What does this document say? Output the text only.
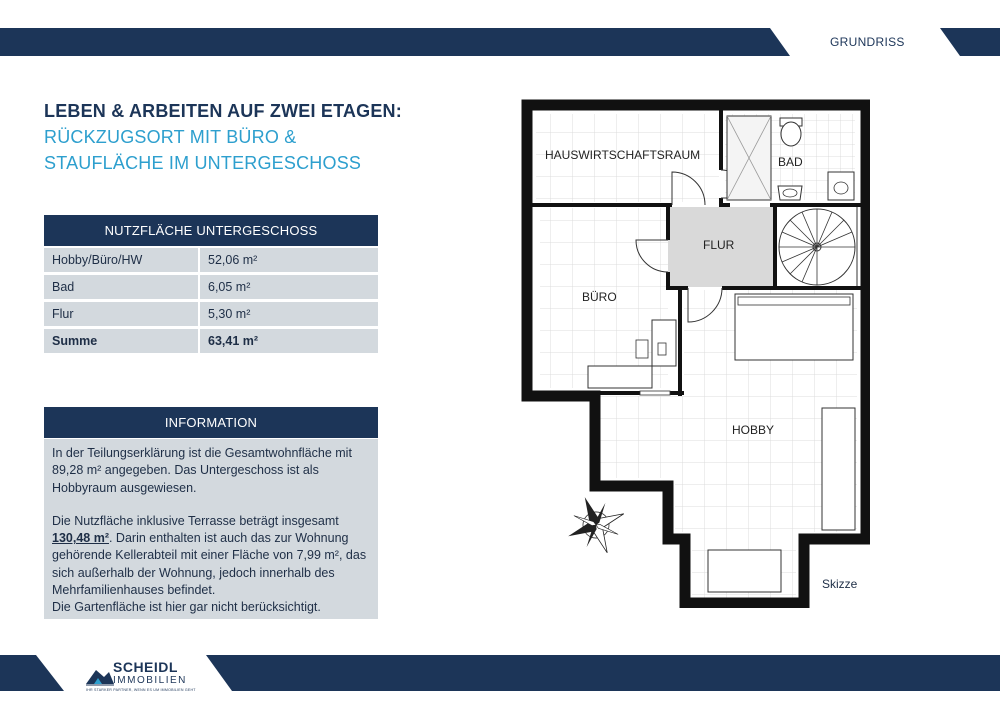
GRUNDRISS
LEBEN & ARBEITEN AUF ZWEI ETAGEN:
RÜCKZUGSORT MIT BÜRO &
STAUFLÄCHE IM UNTERGESCHOSS
NUTZFLÄCHE UNTERGESCHOSS
Hobby/Büro/HW	52,06 m²
Bad	6,05 m²
Flur	5,30 m²
Summe	63,41 m²
INFORMATION

In der Teilungserklärung ist die Gesamtwohnfläche mit 89,28 m² angegeben. Das Untergeschoss ist als Hobbyraum ausgewiesen.

Die Nutzfläche inklusive Terrasse beträgt insgesamt 130,48 m². Darin enthalten ist auch das zur Wohnung gehörende Kellerabteil mit einer Fläche von 7,99 m², das sich außerhalb der Wohnung, jedoch innerhalb des Mehrfamilienhauses befindet.

Die Gartenfläche ist hier gar nicht berücksichtigt.

HAUSWIRTSCHAFTSRAUM	BAD
FLUR
BÜRO
HOBBY
Skizze
SCHEIDL
IMMOBILIEN
IHR STARKER PARTNER, WENN ES UM IMMOBILIEN GEHT
